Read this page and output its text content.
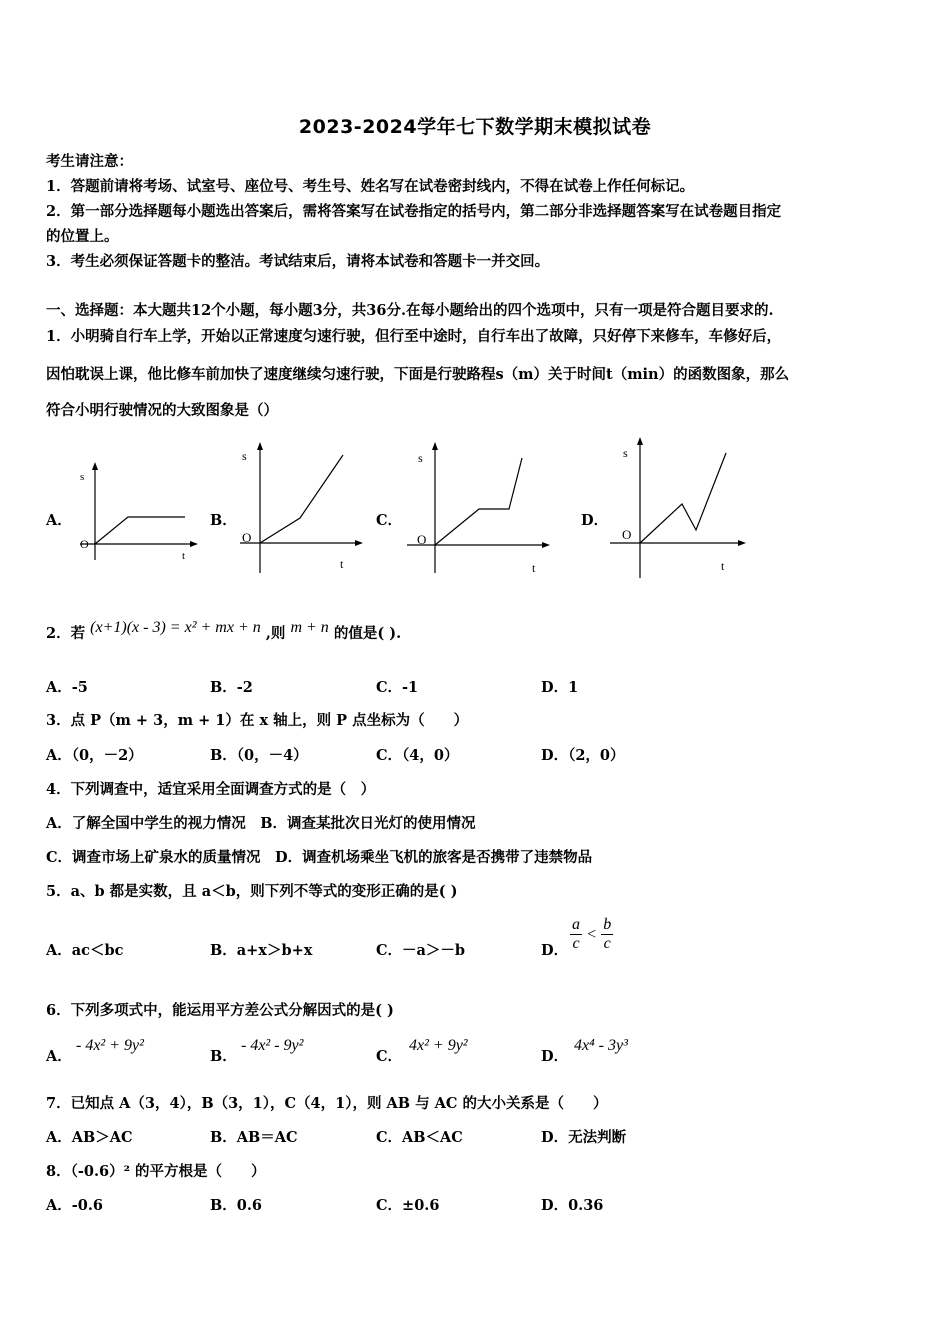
2023-2024学年七下数学期末模拟试卷
考生请注意：
1．答题前请将考场、试室号、座位号、考生号、姓名写在试卷密封线内，不得在试卷上作任何标记。
2．第一部分选择题每小题选出答案后，需将答案写在试卷指定的括号内，第二部分非选择题答案写在试卷题目指定
的位置上。
3．考生必须保证答题卡的整洁。考试结束后，请将本试卷和答题卡一并交回。
一、选择题：本大题共12个小题，每小题3分，共36分.在每小题给出的四个选项中，只有一项是符合题目要求的.
1．小明骑自行车上学，开始以正常速度匀速行驶，但行至中途时，自行车出了故障，只好停下来修车，车修好后，
因怕耽误上课，他比修车前加快了速度继续匀速行驶，下面是行驶路程s（m）关于时间t（min）的函数图象，那么
符合小明行驶情况的大致图象是（）
A．
s
O
t
B．
s
O
t
C．
s
O
t
D．
s
O
t
2．若 (x+1)(x - 3) = x² + mx + n ,则 m + n 的值是( ).
A．-5	B．-2	C．-1	D．1
3．点 P（m + 3，m + 1）在 x 轴上，则 P 点坐标为（　　）
A．（0，－2）	B．（0，－4）	C．（4，0）	D．（2，0）
4．下列调查中，适宜采用全面调查方式的是（　）
A．了解全国中学生的视力情况　B．调查某批次日光灯的使用情况
C．调查市场上矿泉水的质量情况　D．调查机场乘坐飞机的旅客是否携带了违禁物品
5．a、b 都是实数，且 a＜b，则下列不等式的变形正确的是( )
A．ac＜bc	B．a+x＞b+x	C．－a＞－b	D． $\frac{a}{c} < \frac{b}{c}$
6．下列多项式中，能运用平方差公式分解因式的是( )
A．
- 4x² + 9y²
B．
- 4x² - 9y²
C．
4x² + 9y²
D．
4x⁴ - 3y³
7．已知点 A（3，4），B（3，1），C（4，1），则 AB 与 AC 的大小关系是（　　）
A．AB＞AC	B．AB＝AC	C．AB＜AC	D．无法判断
8．（-0.6）² 的平方根是（　　）
A．-0.6	B．0.6	C．±0.6	D．0.36
